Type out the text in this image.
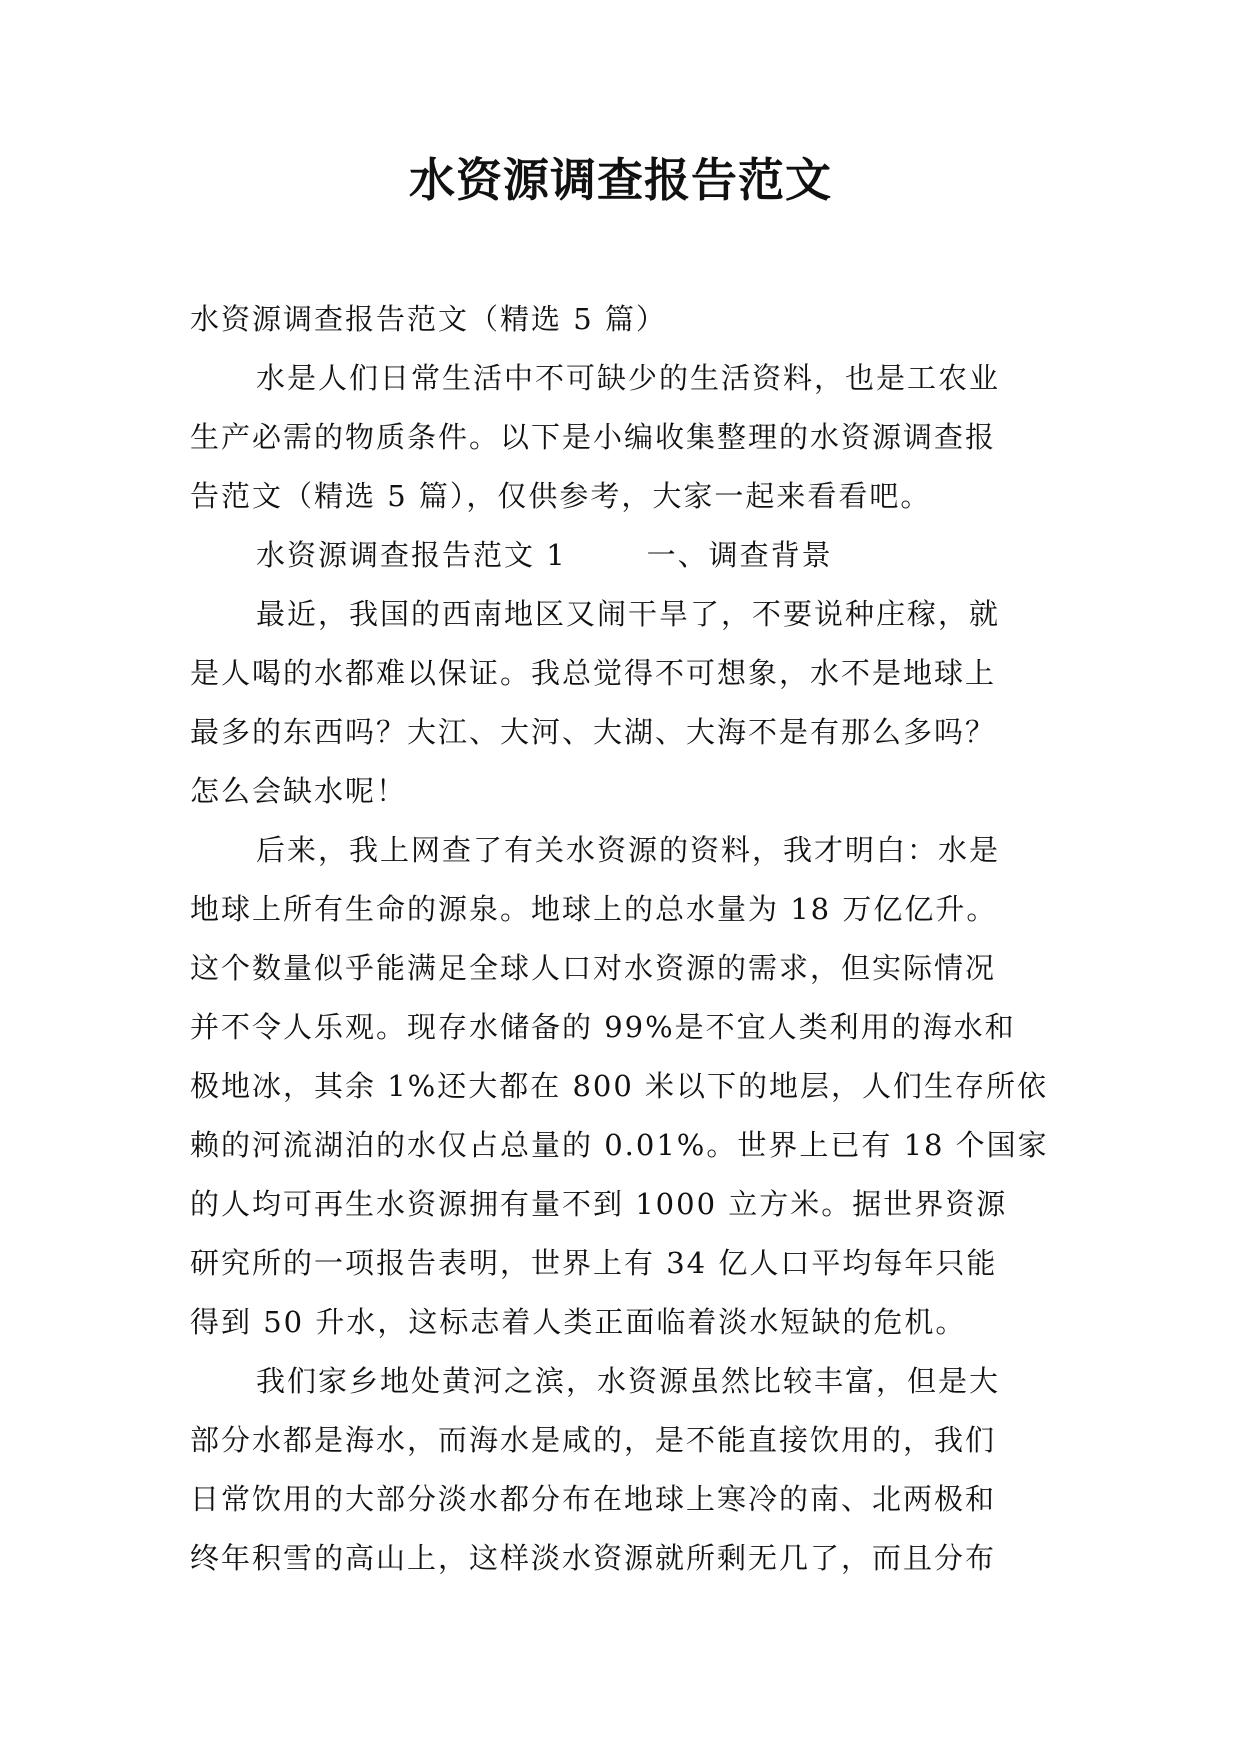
水资源调查报告范文
水资源调查报告范文（精选 5 篇）
水是人们日常生活中不可缺少的生活资料，也是工农业
生产必需的物质条件。以下是小编收集整理的水资源调查报
告范文（精选 5 篇），仅供参考，大家一起来看看吧。
水资源调查报告范文 1	一、调查背景
最近，我国的西南地区又闹干旱了，不要说种庄稼，就
是人喝的水都难以保证。我总觉得不可想象，水不是地球上
最多的东西吗？大江、大河、大湖、大海不是有那么多吗？
怎么会缺水呢！
后来，我上网查了有关水资源的资料，我才明白：水是
地球上所有生命的源泉。地球上的总水量为 18 万亿亿升。
这个数量似乎能满足全球人口对水资源的需求，但实际情况
并不令人乐观。现存水储备的 99%是不宜人类利用的海水和
极地冰，其余 1%还大都在 800 米以下的地层，人们生存所依
赖的河流湖泊的水仅占总量的 0.01%。世界上已有 18 个国家
的人均可再生水资源拥有量不到 1000 立方米。据世界资源
研究所的一项报告表明，世界上有 34 亿人口平均每年只能
得到 50 升水，这标志着人类正面临着淡水短缺的危机。
我们家乡地处黄河之滨，水资源虽然比较丰富，但是大
部分水都是海水，而海水是咸的，是不能直接饮用的，我们
日常饮用的大部分淡水都分布在地球上寒冷的南、北两极和
终年积雪的高山上，这样淡水资源就所剩无几了，而且分布
